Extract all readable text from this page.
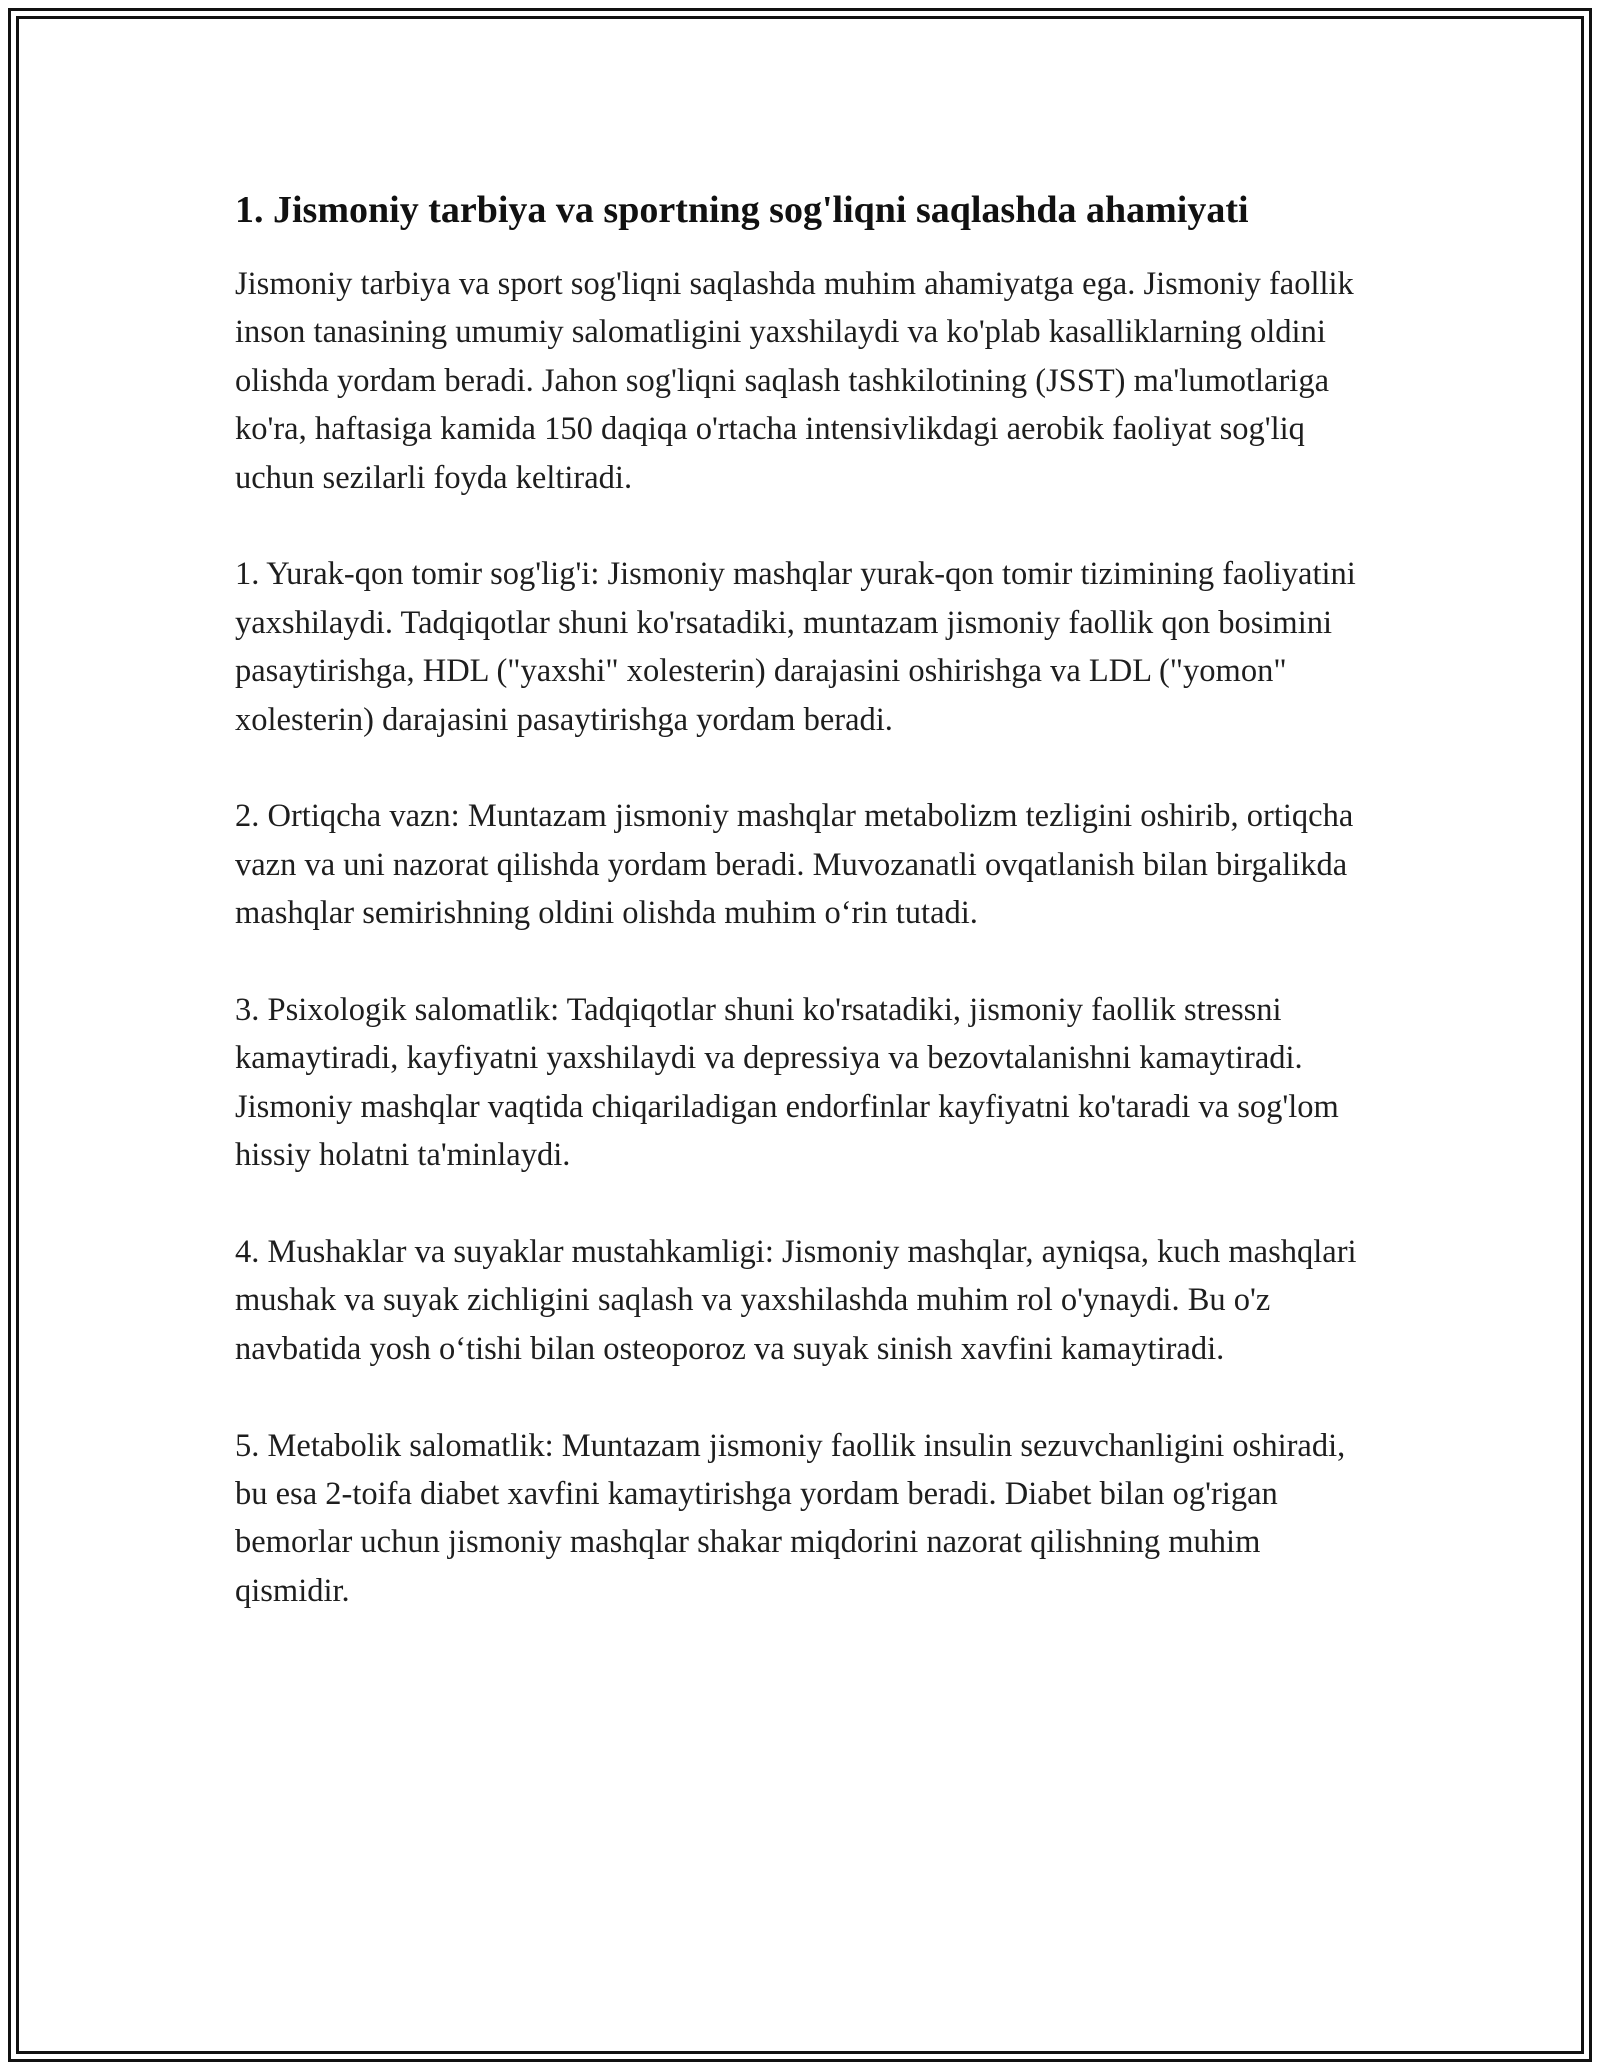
1. Jismoniy tarbiya va sportning sog'liqni saqlashda ahamiyati

Jismoniy tarbiya va sport sog'liqni saqlashda muhim ahamiyatga ega. Jismoniy faollik inson tanasining umumiy salomatligini yaxshilaydi va ko'plab kasalliklarning oldini olishda yordam beradi. Jahon sog'liqni saqlash tashkilotining (JSST) ma'lumotlariga ko'ra, haftasiga kamida 150 daqiqa o'rtacha intensivlikdagi aerobik faoliyat sog'liq uchun sezilarli foyda keltiradi.

1. Yurak-qon tomir sog'lig'i: Jismoniy mashqlar yurak-qon tomir tizimining faoliyatini yaxshilaydi. Tadqiqotlar shuni ko'rsatadiki, muntazam jismoniy faollik qon bosimini pasaytirishga, HDL ("yaxshi" xolesterin) darajasini oshirishga va LDL ("yomon" xolesterin) darajasini pasaytirishga yordam beradi.

2. Ortiqcha vazn: Muntazam jismoniy mashqlar metabolizm tezligini oshirib, ortiqcha vazn va uni nazorat qilishda yordam beradi. Muvozanatli ovqatlanish bilan birgalikda mashqlar semirishning oldini olishda muhim o‘rin tutadi.

3. Psixologik salomatlik: Tadqiqotlar shuni ko'rsatadiki, jismoniy faollik stressni kamaytiradi, kayfiyatni yaxshilaydi va depressiya va bezovtalanishni kamaytiradi. Jismoniy mashqlar vaqtida chiqariladigan endorfinlar kayfiyatni ko'taradi va sog'lom hissiy holatni ta'minlaydi.

4. Mushaklar va suyaklar mustahkamligi: Jismoniy mashqlar, ayniqsa, kuch mashqlari mushak va suyak zichligini saqlash va yaxshilashda muhim rol o'ynaydi. Bu o'z navbatida yosh o‘tishi bilan osteoporoz va suyak sinish xavfini kamaytiradi.

5. Metabolik salomatlik: Muntazam jismoniy faollik insulin sezuvchanligini oshiradi, bu esa 2-toifa diabet xavfini kamaytirishga yordam beradi. Diabet bilan og'rigan bemorlar uchun jismoniy mashqlar shakar miqdorini nazorat qilishning muhim qismidir.
